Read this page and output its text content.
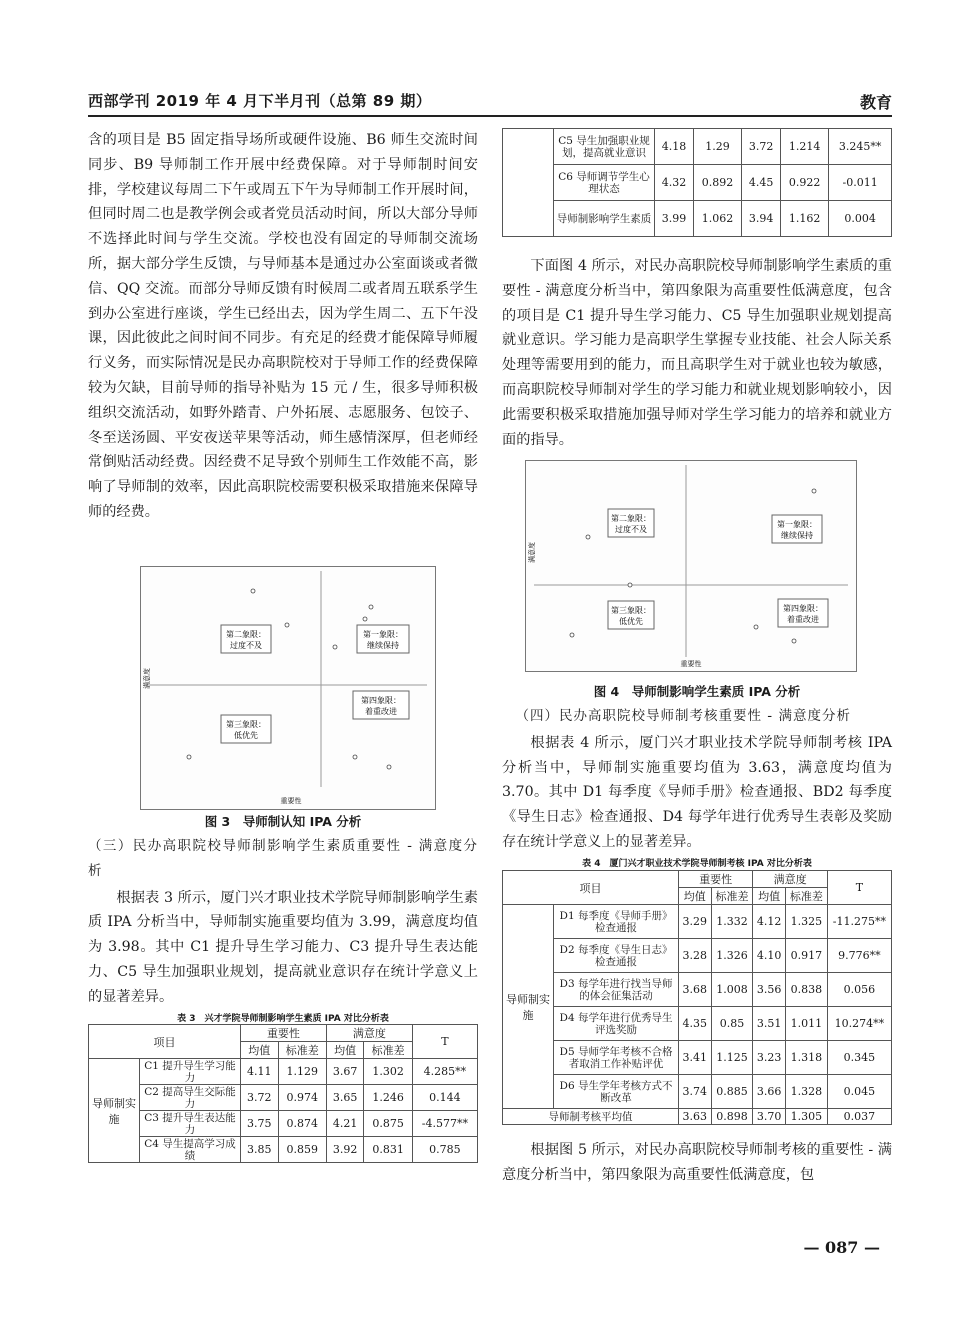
西部学刊 2019 年 4 月下半月刊（总第 89 期）	教育

含的项目是 B5 固定指导场所或硬件设施、B6 师生交流时间同步、B9 导师制工作开展中经费保障。对于导师制时间安排，学校建议每周二下午或周五下午为导师制工作开展时间，但同时周二也是教学例会或者党员活动时间，所以大部分导师不选择此时间与学生交流。学校也没有固定的导师制交流场所，据大部分学生反馈，与导师基本是通过办公室面谈或者微信、QQ 交流。而部分导师反馈有时候周二或者周五联系学生到办公室进行座谈，学生已经出去，因为学生周二、五下午没课，因此彼此之间时间不同步。有充足的经费才能保障导师履行义务，而实际情况是民办高职院校对于导师工作的经费保障较为欠缺，目前导师的指导补贴为 15 元 / 生，很多导师积极组织交流活动，如野外踏青、户外拓展、志愿服务、包饺子、冬至送汤圆、平安夜送苹果等活动，师生感情深厚，但老师经常倒贴活动经费。因经费不足导致个别师生工作效能不高，影响了导师制的效率，因此高职院校需要积极采取措施来保障导师的经费。

第二象限：
过度不及
第一象限：
继续保持
第三象限：
低优先
第四象限：
着重改进
重要性
满意度
图 3　导师制认知 IPA 分析

（三）民办高职院校导师制影响学生素质重要性 - 满意度分析

根据表 3 所示，厦门兴才职业技术学院导师制影响学生素质 IPA 分析当中，导师制实施重要均值为 3.99，满意度均值为 3.98。其中 C1 提升导生学习能力、C3 提升导生表达能力、C5 导生加强职业规划，提高就业意识存在统计学意义上的显著差异。

表 3　兴才学院导师制影响学生素质 IPA 对比分析表
项目		重要性		满意度		T
		均值	标准差	均值	标准差	
导师制实施	C1 提升导生学习能力	4.11	1.129	3.67	1.302	4.285**
	C2 提高导生交际能力	3.72	0.974	3.65	1.246	0.144
	C3 提升导生表达能力	3.75	0.874	4.21	0.875	-4.577**
	C4 导生提高学习成绩	3.85	0.859	3.92	0.831	0.785
	C5 导生加强职业规划，提高就业意识	4.18	1.29	3.72	1.214	3.245**
	C6 导师调节学生心理状态	4.32	0.892	4.45	0.922	-0.011
	导师制影响学生素质	3.99	1.062	3.94	1.162	0.004

下面图 4 所示，对民办高职院校导师制影响学生素质的重要性 - 满意度分析当中，第四象限为高重要性低满意度，包含的项目是 C1 提升导生学习能力、C5 导生加强职业规划提高就业意识。学习能力是高职学生掌握专业技能、社会人际关系处理等需要用到的能力，而且高职学生对于就业也较为敏感，而高职院校导师制对学生的学习能力和就业规划影响较小，因此需要积极采取措施加强导师对学生学习能力的培养和就业方面的指导。

第二象限：
过度不及
第一象限：
继续保持
第三象限：
低优先
第四象限：
着重改进
重要性
满意度
图 4　导师制影响学生素质 IPA 分析

（四）民办高职院校导师制考核重要性 - 满意度分析

根据表 4 所示，厦门兴才职业技术学院导师制考核 IPA 分析当中，导师制实施重要均值为 3.63，满意度均值为 3.70。其中 D1 每季度《导师手册》检查通报、BD2 每季度《导生日志》检查通报、D4 每学年进行优秀导生表彰及奖励存在统计学意义上的显著差异。

表 4　厦门兴才职业技术学院导师制考核 IPA 对比分析表
项目		重要性		满意度		T
		均值	标准差	均值	标准差	
导师制实施	D1 每季度《导师手册》检查通报	3.29	1.332	4.12	1.325	-11.275**
	D2 每季度《导生日志》检查通报	3.28	1.326	4.10	0.917	9.776**
	D3 每学年进行找当导师的体会征集活动	3.68	1.008	3.56	0.838	0.056
	D4 每学年进行优秀导生评选奖励	4.35	0.85	3.51	1.011	10.274**
	D5 导师学年考核不合格者取消工作补贴评优	3.41	1.125	3.23	1.318	0.345
	D6 导生学年考核方式不断改革	3.74	0.885	3.66	1.328	0.045
导师制考核平均值		3.63	0.898	3.70	1.305	0.037

根据图 5 所示，对民办高职院校导师制考核的重要性 - 满意度分析当中，第四象限为高重要性低满意度，包

— 087 —
